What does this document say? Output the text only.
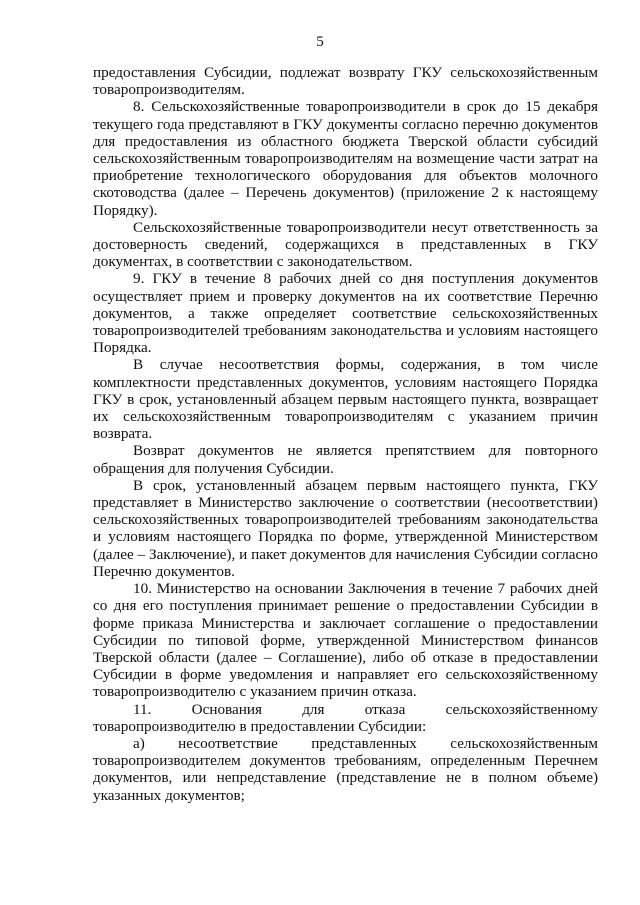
5

предоставления Субсидии, подлежат возврату ГКУ сельскохозяйственным товаропроизводителям.

8. Сельскохозяйственные товаропроизводители в срок до 15 декабря текущего года представляют в ГКУ документы согласно перечню документов для предоставления из областного бюджета Тверской области субсидий сельскохозяйственным товаропроизводителям на возмещение части затрат на приобретение технологического оборудования для объектов молочного скотоводства (далее – Перечень документов) (приложение 2 к настоящему Порядку).

Сельскохозяйственные товаропроизводители несут ответственность за достоверность сведений, содержащихся в представленных в ГКУ документах, в соответствии с законодательством.

9. ГКУ в течение 8 рабочих дней со дня поступления документов осуществляет прием и проверку документов на их соответствие Перечню документов, а также определяет соответствие сельскохозяйственных товаропроизводителей требованиям законодательства и условиям настоящего Порядка.

В случае несоответствия формы, содержания, в том числе комплектности представленных документов, условиям настоящего Порядка ГКУ в срок, установленный абзацем первым настоящего пункта, возвращает их сельскохозяйственным товаропроизводителям с указанием причин возврата.

Возврат документов не является препятствием для повторного обращения для получения Субсидии.

В срок, установленный абзацем первым настоящего пункта, ГКУ представляет в Министерство заключение о соответствии (несоответствии) сельскохозяйственных товаропроизводителей требованиям законодательства и условиям настоящего Порядка по форме, утвержденной Министерством (далее – Заключение), и пакет документов для начисления Субсидии согласно Перечню документов.

10. Министерство на основании Заключения в течение 7 рабочих дней со дня его поступления принимает решение о предоставлении Субсидии в форме приказа Министерства и заключает соглашение о предоставлении Субсидии по типовой форме, утвержденной Министерством финансов Тверской области (далее – Соглашение), либо об отказе в предоставлении Субсидии в форме уведомления и направляет его сельскохозяйственному товаропроизводителю с указанием причин отказа.

11. Основания для отказа сельскохозяйственному товаропроизводителю в предоставлении Субсидии:

а) несоответствие представленных сельскохозяйственным товаропроизводителем документов требованиям, определенным Перечнем документов, или непредставление (представление не в полном объеме) указанных документов;
